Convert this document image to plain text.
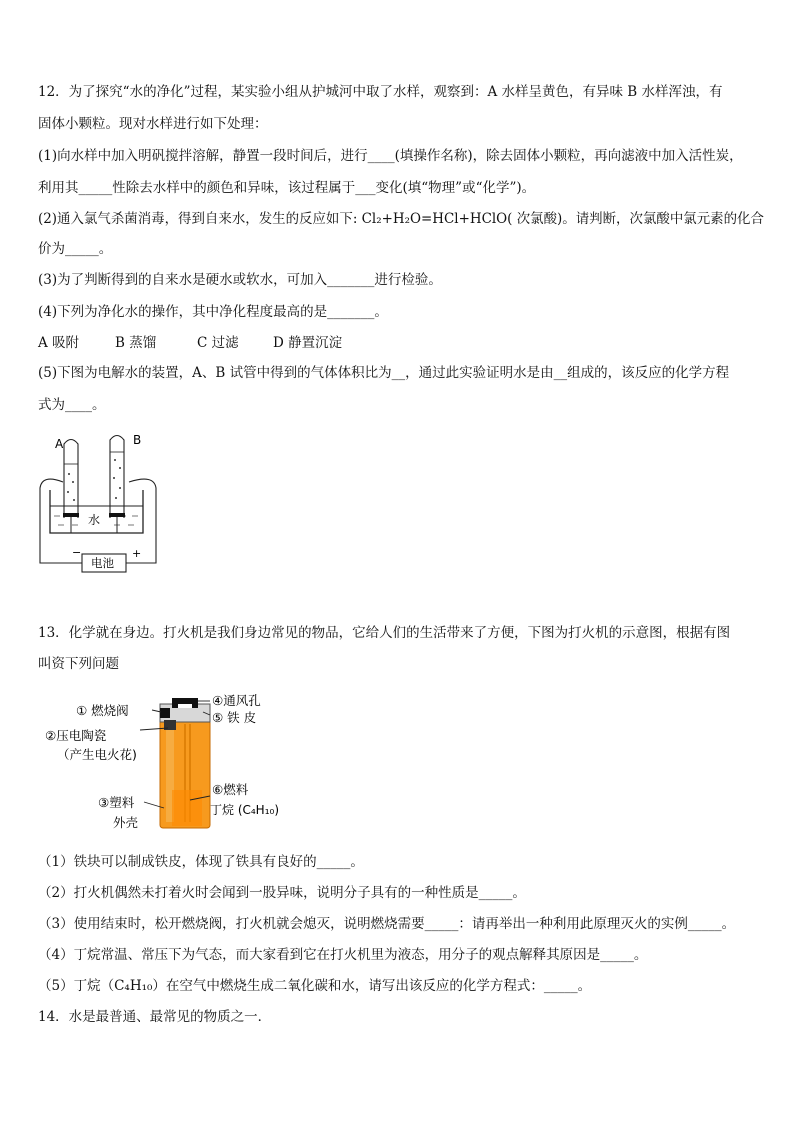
12．为了探究“水的净化”过程，某实验小组从护城河中取了水样，观察到：A 水样呈黄色，有异味 B 水样浑浊，有
固体小颗粒。现对水样进行如下处理：
(1)向水样中加入明矾搅拌溶解，静置一段时间后，进行____(填操作名称)，除去固体小颗粒，再向滤液中加入活性炭，
利用其_____性除去水样中的颜色和异味，该过程属于___变化(填“物理”或“化学”)。
(2)通入氯气杀菌消毒，得到自来水，发生的反应如下: Cl₂+H₂O=HCl+HClO( 次氯酸)。请判断，次氯酸中氯元素的化合
价为_____。
(3)为了判断得到的自来水是硬水或软水，可加入_______进行检验。
(4)下列为净化水的操作，其中净化程度最高的是_______。
A 吸附	B 蒸馏	C 过滤	D 静置沉淀
(5)下图为电解水的装置，A、B 试管中得到的气体体积比为__，通过此实验证明水是由__组成的，该反应的化学方程
式为____。
A	B
水
−	+
电池
13．化学就在身边。打火机是我们身边常见的物品，它给人们的生活带来了方便，下图为打火机的示意图，根据有图
叫资下列问题
① 燃烧阀
②压电陶瓷
（产生电火花)
③塑料
外壳
④通风孔
⑤ 铁 皮
⑥燃料
丁烷 (C₄H₁₀)
（1）铁块可以制成铁皮，体现了铁具有良好的_____。
（2）打火机偶然未打着火时会闻到一股异味，说明分子具有的一种性质是_____。
（3）使用结束时，松开燃烧阀，打火机就会熄灭，说明燃烧需要_____：请再举出一种利用此原理灭火的实例_____。
（4）丁烷常温、常压下为气态，而大家看到它在打火机里为液态，用分子的观点解释其原因是_____。
（5）丁烷（C₄H₁₀）在空气中燃烧生成二氧化碳和水，请写出该反应的化学方程式：_____。
14．水是最普通、最常见的物质之一．
